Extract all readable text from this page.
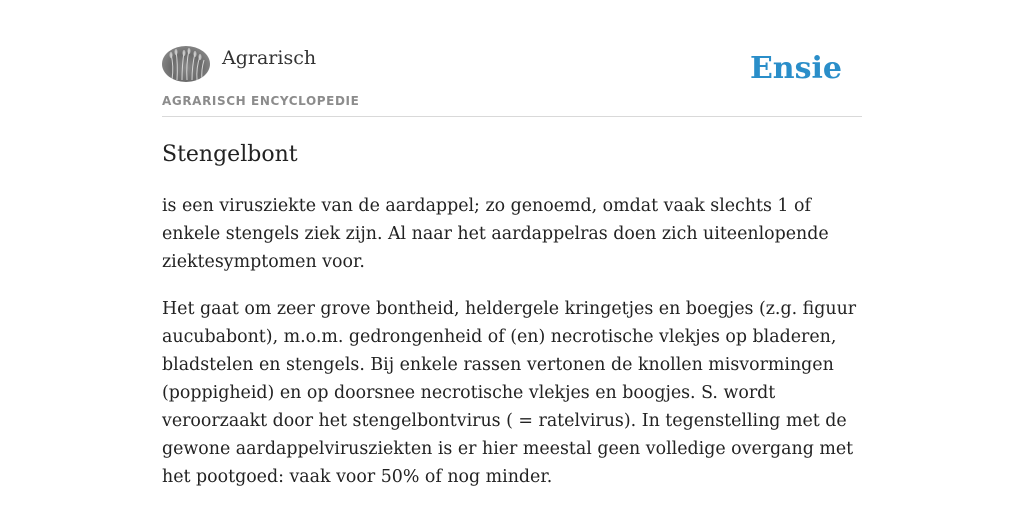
Agrarisch
AGRARISCH ENCYCLOPEDIE
Ensie
Stengelbont

is een virusziekte van de aardappel; zo genoemd, omdat vaak slechts 1 of enkele stengels ziek zijn. Al naar het aardappelras doen zich uiteenlopende ziektesymptomen voor.

Het gaat om zeer grove bontheid, heldergele kringetjes en boegjes (z.g. figuur aucubabont), m.o.m. gedrongenheid of (en) necrotische vlekjes op bladeren, bladstelen en stengels. Bij enkele rassen vertonen de knollen misvormingen (poppigheid) en op doorsnee necrotische vlekjes en boogjes. S. wordt veroorzaakt door het stengelbontvirus ( = ratelvirus). In tegenstelling met de gewone aardappelvirusziekten is er hier meestal geen volledige overgang met het pootgoed: vaak voor 50% of nog minder.
